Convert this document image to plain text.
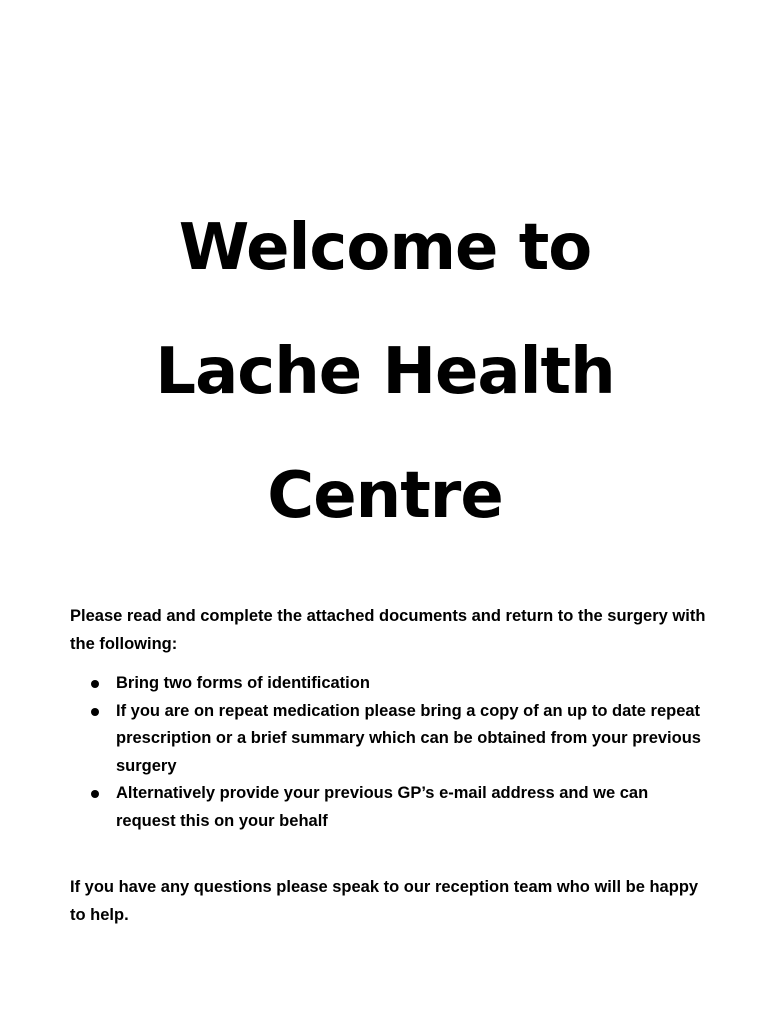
Welcome to
Lache Health
Centre

Please read and complete the attached documents and return to the surgery with the following:

Bring two forms of identification
If you are on repeat medication please bring a copy of an up to date repeat prescription or a brief summary which can be obtained from your previous surgery
Alternatively provide your previous GP’s e-mail address and we can request this on your behalf

If you have any questions please speak to our reception team who will be happy to help.
